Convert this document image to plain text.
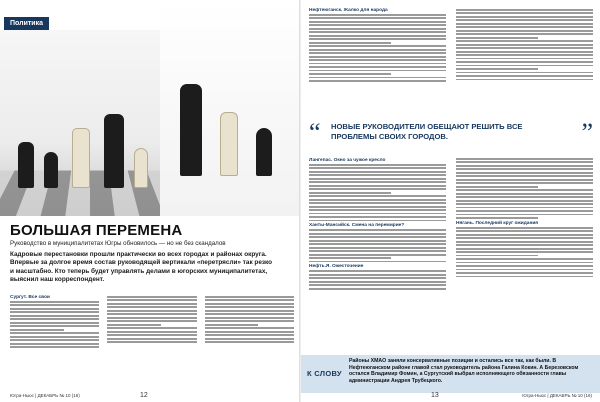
Политика
БОЛЬШАЯ ПЕРЕМЕНА
Руководство в муниципалитетах Югры обновилось — но не без скандалов
Кадровые перестановки прошли практически во всех городах и районах округа.
Впервые за долгое время состав руководящей вертикали «перетрясли» так резко
и масштабно. Кто теперь будет управлять делами в югорских муниципалитетах,
выяснил наш корреспондент.
Сургут. Все свои
Югра-Ньюс | ДЕКАБРЬ № 10 (16)	12
Нефтеюганск. Жалко для народа
“ НОВЫЕ РУКОВОДИТЕЛИ ОБЕЩАЮТ РЕШИТЬ ВСЕ ПРОБЛЕМЫ СВОИХ ГОРОДОВ.	”
Лангепас. Окно за чужое кресло
Ханты-Мансийск. Смена на перемирие?
Нефть.Я. Ожесточение
Нягань. Последний круг ожидания
К СЛОВУ
Районы ХМАО заняли консервативные позиции и остались все так, как были. В Нефтеюганском районе главой стал руководитель района Галина Кокин. А Березовском остался Владимир Фомин, а Сургутский выбрал исполняющего обязанности главы администрации Андрея Трубецкого.
Югра-Ньюс | ДЕКАБРЬ № 10 (16)
13
